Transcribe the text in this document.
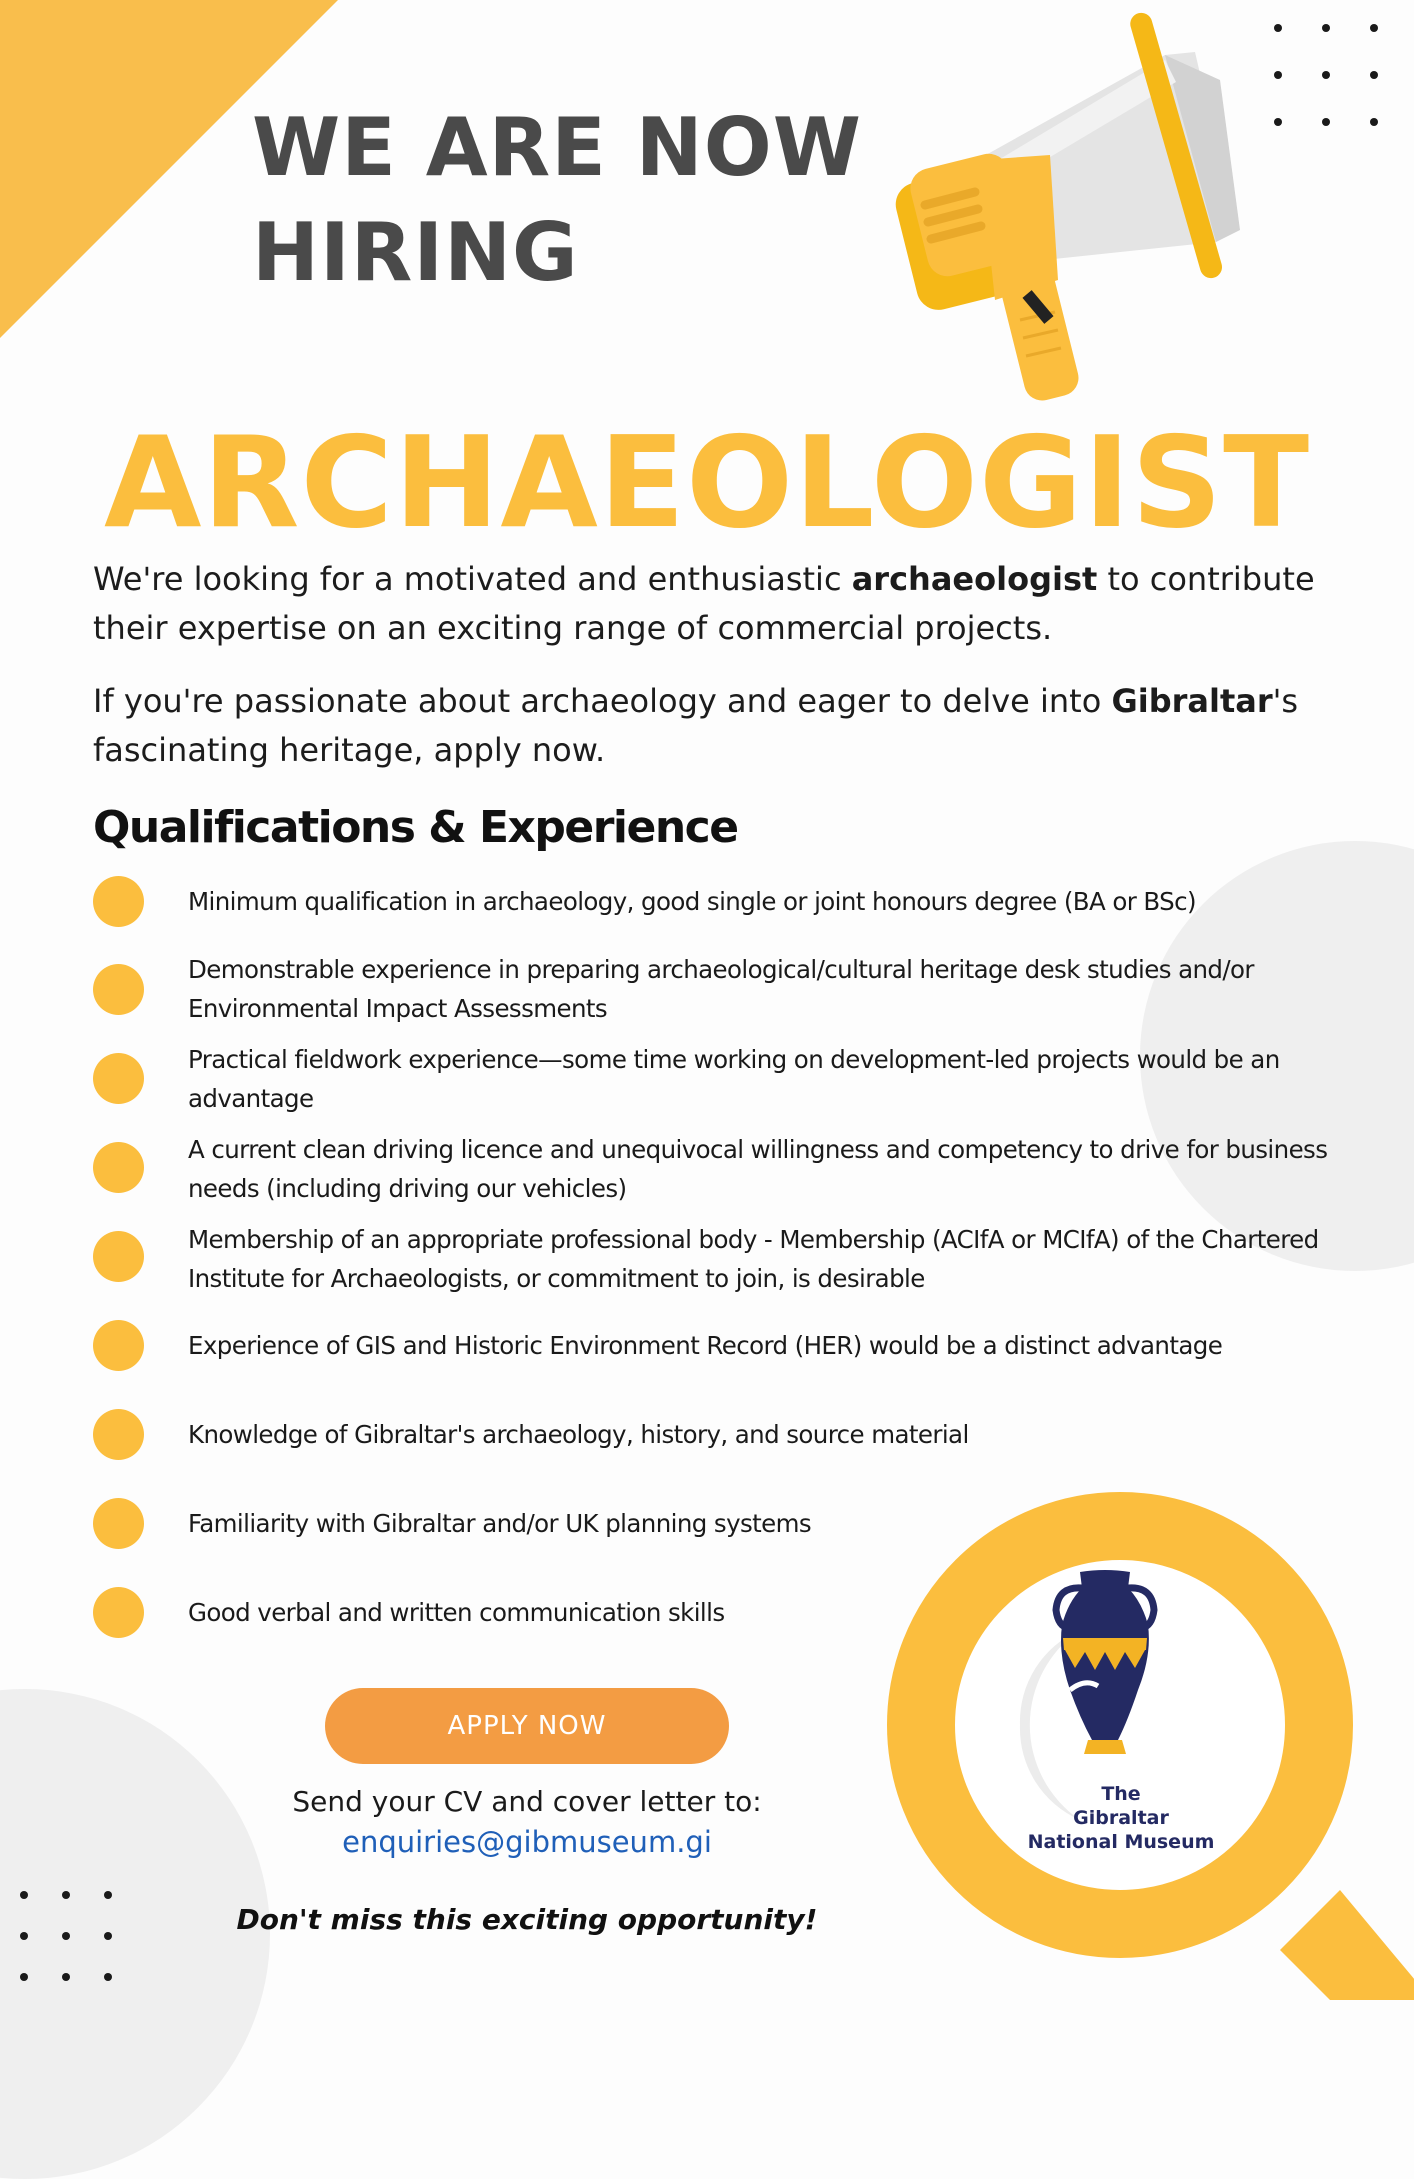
WE ARE NOW
HIRING
ARCHAEOLOGIST

We're looking for a motivated and enthusiastic archaeologist to contribute their expertise on an exciting range of commercial projects.

If you're passionate about archaeology and eager to delve into Gibraltar's fascinating heritage, apply now.

Qualifications & Experience

Minimum qualification in archaeology, good single or joint honours degree (BA or BSc)

Demonstrable experience in preparing archaeological/cultural heritage desk studies and/or Environmental Impact Assessments

Practical fieldwork experience—some time working on development-led projects would be an advantage

A current clean driving licence and unequivocal willingness and competency to drive for business needs (including driving our vehicles)

Membership of an appropriate professional body - Membership (ACIfA or MCIfA) of the Chartered Institute for Archaeologists, or commitment to join, is desirable

Experience of GIS and Historic Environment Record (HER) would be a distinct advantage

Knowledge of Gibraltar's archaeology, history, and source material

Familiarity with Gibraltar and/or UK planning systems

Good verbal and written communication skills

APPLY NOW

Send your CV and cover letter to:

enquiries@gibmuseum.gi

Don't miss this exciting opportunity!

The
Gibraltar
National Museum
